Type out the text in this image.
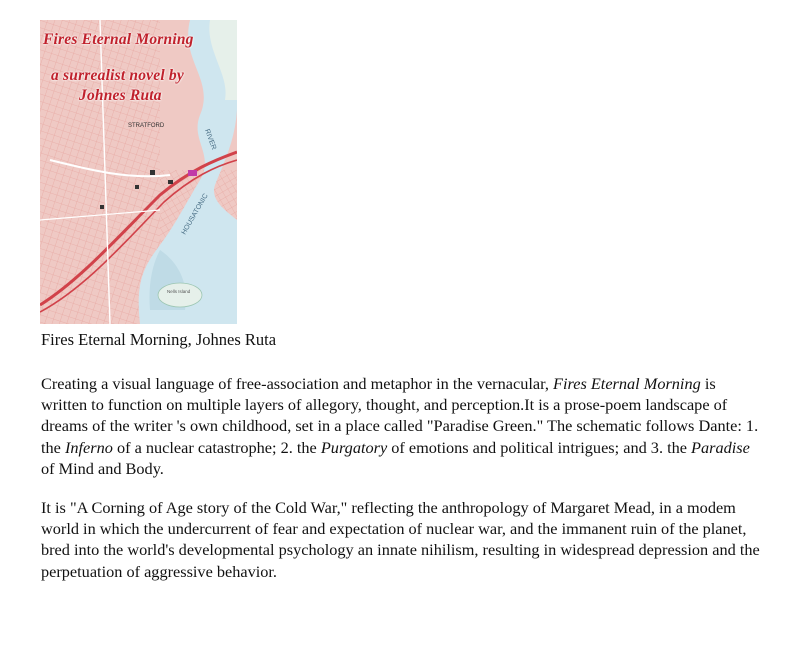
STRATFORD
RIVER
HOUSATONIC
Nells Island
Fires Eternal Morning
a surrealist novel by
Johnes Ruta
Fires Eternal Morning, Johnes Ruta

Creating a visual language of free-association and metaphor in the vernacular, Fires Eternal Morning is written to function on multiple layers of allegory, thought, and perception.It is a prose-poem landscape of dreams of the writer 's own childhood, set in a place called "Paradise Green." The schematic follows Dante: 1. the Inferno of a nuclear catastrophe; 2. the Purgatory of emotions and political intrigues; and 3. the Paradise of Mind and Body.

It is "A Corning of Age story of the Cold War," reflecting the anthropology of Margaret Mead, in a modem world in which the undercurrent of fear and expectation of nuclear war, and the immanent ruin of the planet, bred into the world's developmental psychology an innate nihilism, resulting in widespread depression and the perpetuation of aggressive behavior.
